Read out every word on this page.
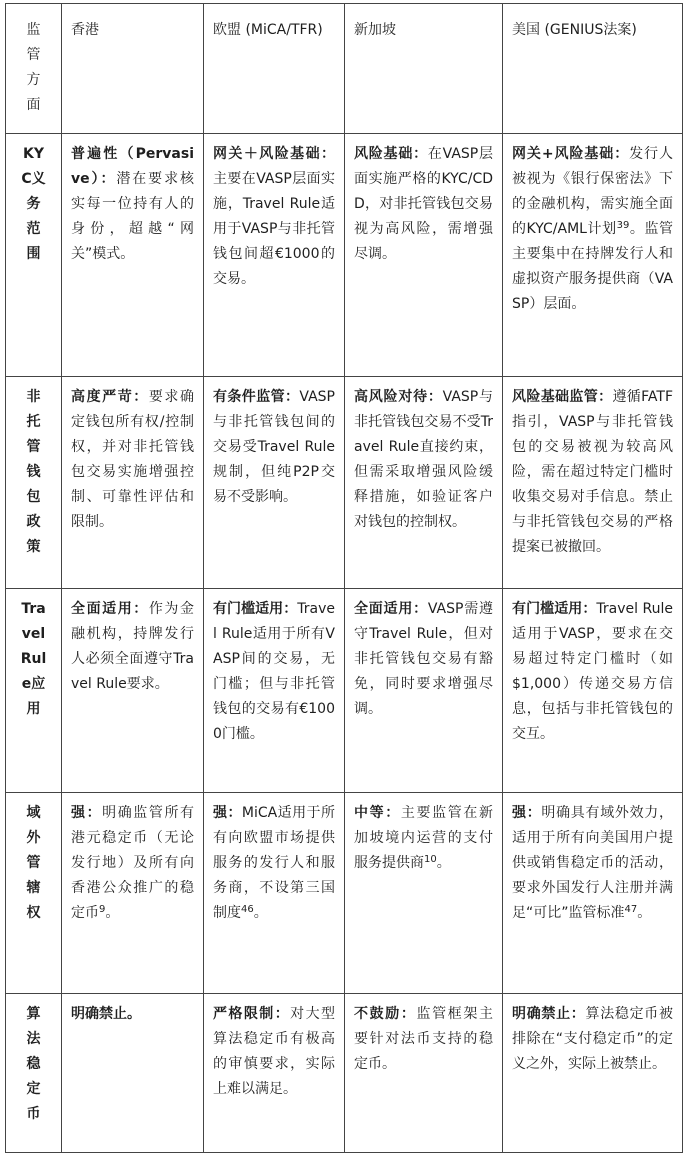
监管方面	香港	欧盟 (MiCA/TFR)	新加坡	美国 (GENIUS法案)
KYC义务范围	普遍性（Pervasive）：潜在要求核实每一位持有人的身份，超越“网关”模式。	网关＋风险基础：主要在VASP层面实施，Travel Rule适用于VASP与非托管钱包间超€1000的交易。	风险基础：在VASP层面实施严格的KYC/CDD，对非托管钱包交易视为高风险，需增强尽调。	网关+风险基础：发行人被视为《银行保密法》下的金融机构，需实施全面的KYC/AML计划$^{39}$。监管主要集中在持牌发行人和虚拟资产服务提供商（VASP）层面。
非托管钱包政策	高度严苛：要求确定钱包所有权/控制权，并对非托管钱包交易实施增强控制、可靠性评估和限制。	有条件监管：VASP与非托管钱包间的交易受Travel Rule规制，但纯P2P交易不受影响。	高风险对待：VASP与非托管钱包交易不受Travel Rule直接约束，但需采取增强风险缓释措施，如验证客户对钱包的控制权。	风险基础监管：遵循FATF指引，VASP与非托管钱包的交易被视为较高风险，需在超过特定门槛时收集交易对手信息。禁止与非托管钱包交易的严格提案已被撤回。
Travel Rule应用	全面适用：作为金融机构，持牌发行人必须全面遵守Travel Rule要求。	有门槛适用：Travel Rule适用于所有VASP间的交易，无门槛；但与非托管钱包的交易有€1000门槛。	全面适用：VASP需遵守Travel Rule，但对非托管钱包交易有豁免，同时要求增强尽调。	有门槛适用：Travel Rule适用于VASP，要求在交易超过特定门槛时（如$1,000）传递交易方信息，包括与非托管钱包的交互。
域外管辖权	强：明确监管所有港元稳定币（无论发行地）及所有向香港公众推广的稳定币$^9$。	强：MiCA适用于所有向欧盟市场提供服务的发行人和服务商，不设第三国制度$^{46}$。	中等：主要监管在新加坡境内运营的支付服务提供商$^{10}$。	强：明确具有域外效力，适用于所有向美国用户提供或销售稳定币的活动，要求外国发行人注册并满足“可比”监管标准$^{47}$。
算法稳定币	明确禁止。	严格限制：对大型算法稳定币有极高的审慎要求，实际上难以满足。	不鼓励：监管框架主要针对法币支持的稳定币。	明确禁止：算法稳定币被排除在“支付稳定币”的定义之外，实际上被禁止。
